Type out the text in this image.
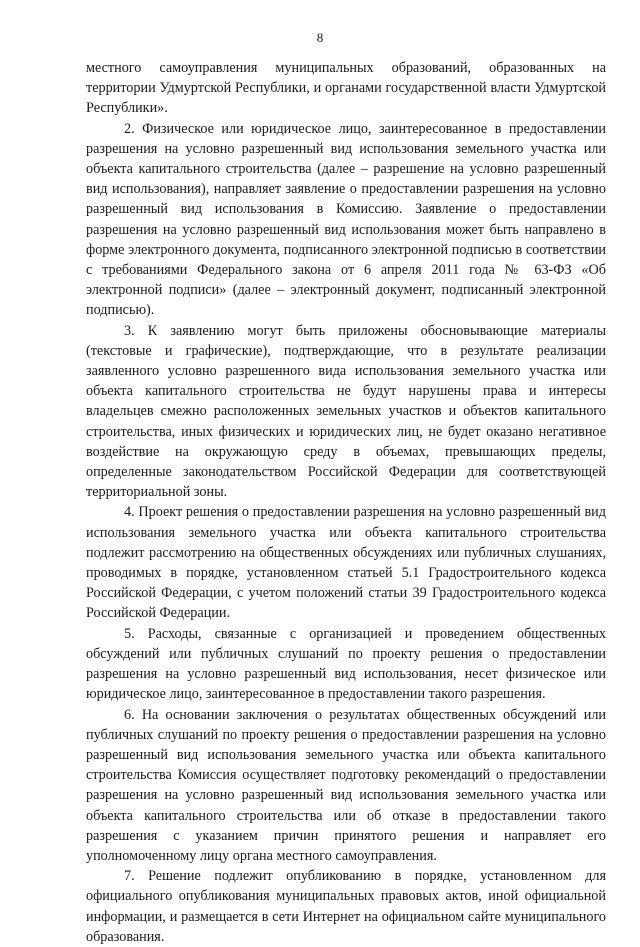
8

местного самоуправления муниципальных образований, образованных на территории Удмуртской Республики, и органами государственной власти Удмуртской Республики».

2. Физическое или юридическое лицо, заинтересованное в предоставлении разрешения на условно разрешенный вид использования земельного участка или объекта капитального строительства (далее – разрешение на условно разрешенный вид использования), направляет заявление о предоставлении разрешения на условно разрешенный вид использования в Комиссию. Заявление о предоставлении разрешения на условно разрешенный вид использования может быть направлено в форме электронного документа, подписанного электронной подписью в соответствии с требованиями Федерального закона от 6 апреля 2011 года № 63-ФЗ «Об электронной подписи» (далее – электронный документ, подписанный электронной подписью).

3. К заявлению могут быть приложены обосновывающие материалы (текстовые и графические), подтверждающие, что в результате реализации заявленного условно разрешенного вида использования земельного участка или объекта капитального строительства не будут нарушены права и интересы владельцев смежно расположенных земельных участков и объектов капитального строительства, иных физических и юридических лиц, не будет оказано негативное воздействие на окружающую среду в объемах, превышающих пределы, определенные законодательством Российской Федерации для соответствующей территориальной зоны.

4. Проект решения о предоставлении разрешения на условно разрешенный вид использования земельного участка или объекта капитального строительства подлежит рассмотрению на общественных обсуждениях или публичных слушаниях, проводимых в порядке, установленном статьей 5.1 Градостроительного кодекса Российской Федерации, с учетом положений статьи 39 Градостроительного кодекса Российской Федерации.

5. Расходы, связанные с организацией и проведением общественных обсуждений или публичных слушаний по проекту решения о предоставлении разрешения на условно разрешенный вид использования, несет физическое или юридическое лицо, заинтересованное в предоставлении такого разрешения.

6. На основании заключения о результатах общественных обсуждений или публичных слушаний по проекту решения о предоставлении разрешения на условно разрешенный вид использования земельного участка или объекта капитального строительства Комиссия осуществляет подготовку рекомендаций о предоставлении разрешения на условно разрешенный вид использования земельного участка или объекта капитального строительства или об отказе в предоставлении такого разрешения с указанием причин принятого решения и направляет его уполномоченному лицу органа местного самоуправления.

7. Решение подлежит опубликованию в порядке, установленном для официального опубликования муниципальных правовых актов, иной официальной информации, и размещается в сети Интернет на официальном сайте муниципального образования.
